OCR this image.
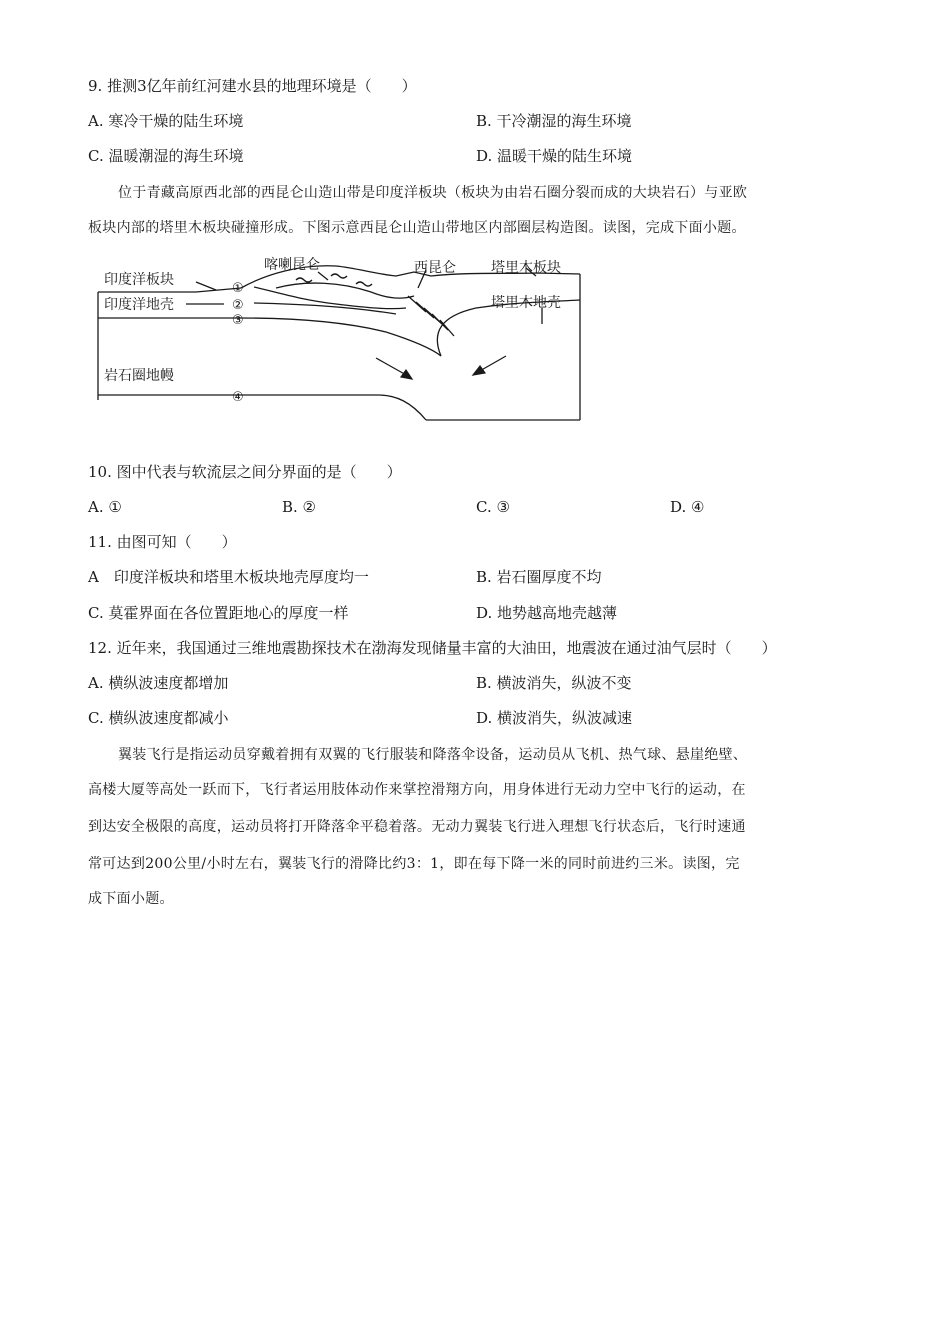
9. 推测3亿年前红河建水县的地理环境是（　　）
A. 寒冷干燥的陆生环境	B. 干冷潮湿的海生环境
C. 温暖潮湿的海生环境	D. 温暖干燥的陆生环境
位于青藏高原西北部的西昆仑山造山带是印度洋板块（板块为由岩石圈分裂而成的大块岩石）与亚欧
板块内部的塔里木板块碰撞形成。下图示意西昆仑山造山带地区内部圈层构造图。读图，完成下面小题。
印度洋板块
印度洋地壳
岩石圈地幔
喀喇昆仑	西昆仑	塔里木板块
塔里木地壳
①
②
③
④
10. 图中代表与软流层之间分界面的是（　　）
A. ①	B. ②	C. ③	D. ④
11. 由图可知（　　）
A　印度洋板块和塔里木板块地壳厚度均一	B. 岩石圈厚度不均
C. 莫霍界面在各位置距地心的厚度一样	D. 地势越高地壳越薄
12. 近年来，我国通过三维地震勘探技术在渤海发现储量丰富的大油田，地震波在通过油气层时（　　）
A. 横纵波速度都增加	B. 横波消失，纵波不变
C. 横纵波速度都减小	D. 横波消失，纵波减速
翼装飞行是指运动员穿戴着拥有双翼的飞行服装和降落伞设备，运动员从飞机、热气球、悬崖绝壁、
高楼大厦等高处一跃而下，飞行者运用肢体动作来掌控滑翔方向，用身体进行无动力空中飞行的运动，在
到达安全极限的高度，运动员将打开降落伞平稳着落。无动力翼装飞行进入理想飞行状态后，飞行时速通
常可达到200公里/小时左右，翼装飞行的滑降比约3：1，即在每下降一米的同时前进约三米。读图，完
成下面小题。
